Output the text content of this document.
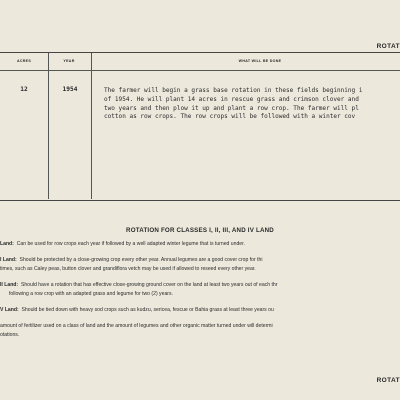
ROTAT
ACRES	YEAR	WHAT WILL BE DONE
12	1954	The farmer will begin a grass base rotation in these fields beginning i
of 1954. He will plant 14 acres in rescue grass and crimson clover and
two years and then plow it up and plant a row crop. The farmer will pl
cotton as row crops. The row crops will be followed with a winter cov
ROTATION FOR CLASSES I, II, III, AND IV LAND
Land: Can be used for row crops each year if followed by a well adapted winter legume that is turned under.
I Land: Should be protected by a close-growing crop every other year. Annual legumes are a good cover crop for thi
times, such as Caley peas, button clover and grandiflora vetch may be used if allowed to reseed every other year.
II Land: Should have a rotation that has effective close-growing ground cover on the land at least two years out of each thr
following a row crop with an adapted grass and legume for two (2) years.
V Land: Should be tied down with heavy sod crops such as kudzu, sericea, fescue or Bahia grass at least three years ou
amount of fertilizer used on a class of land and the amount of legumes and other organic matter turned under will determi
otations.
ROTAT
